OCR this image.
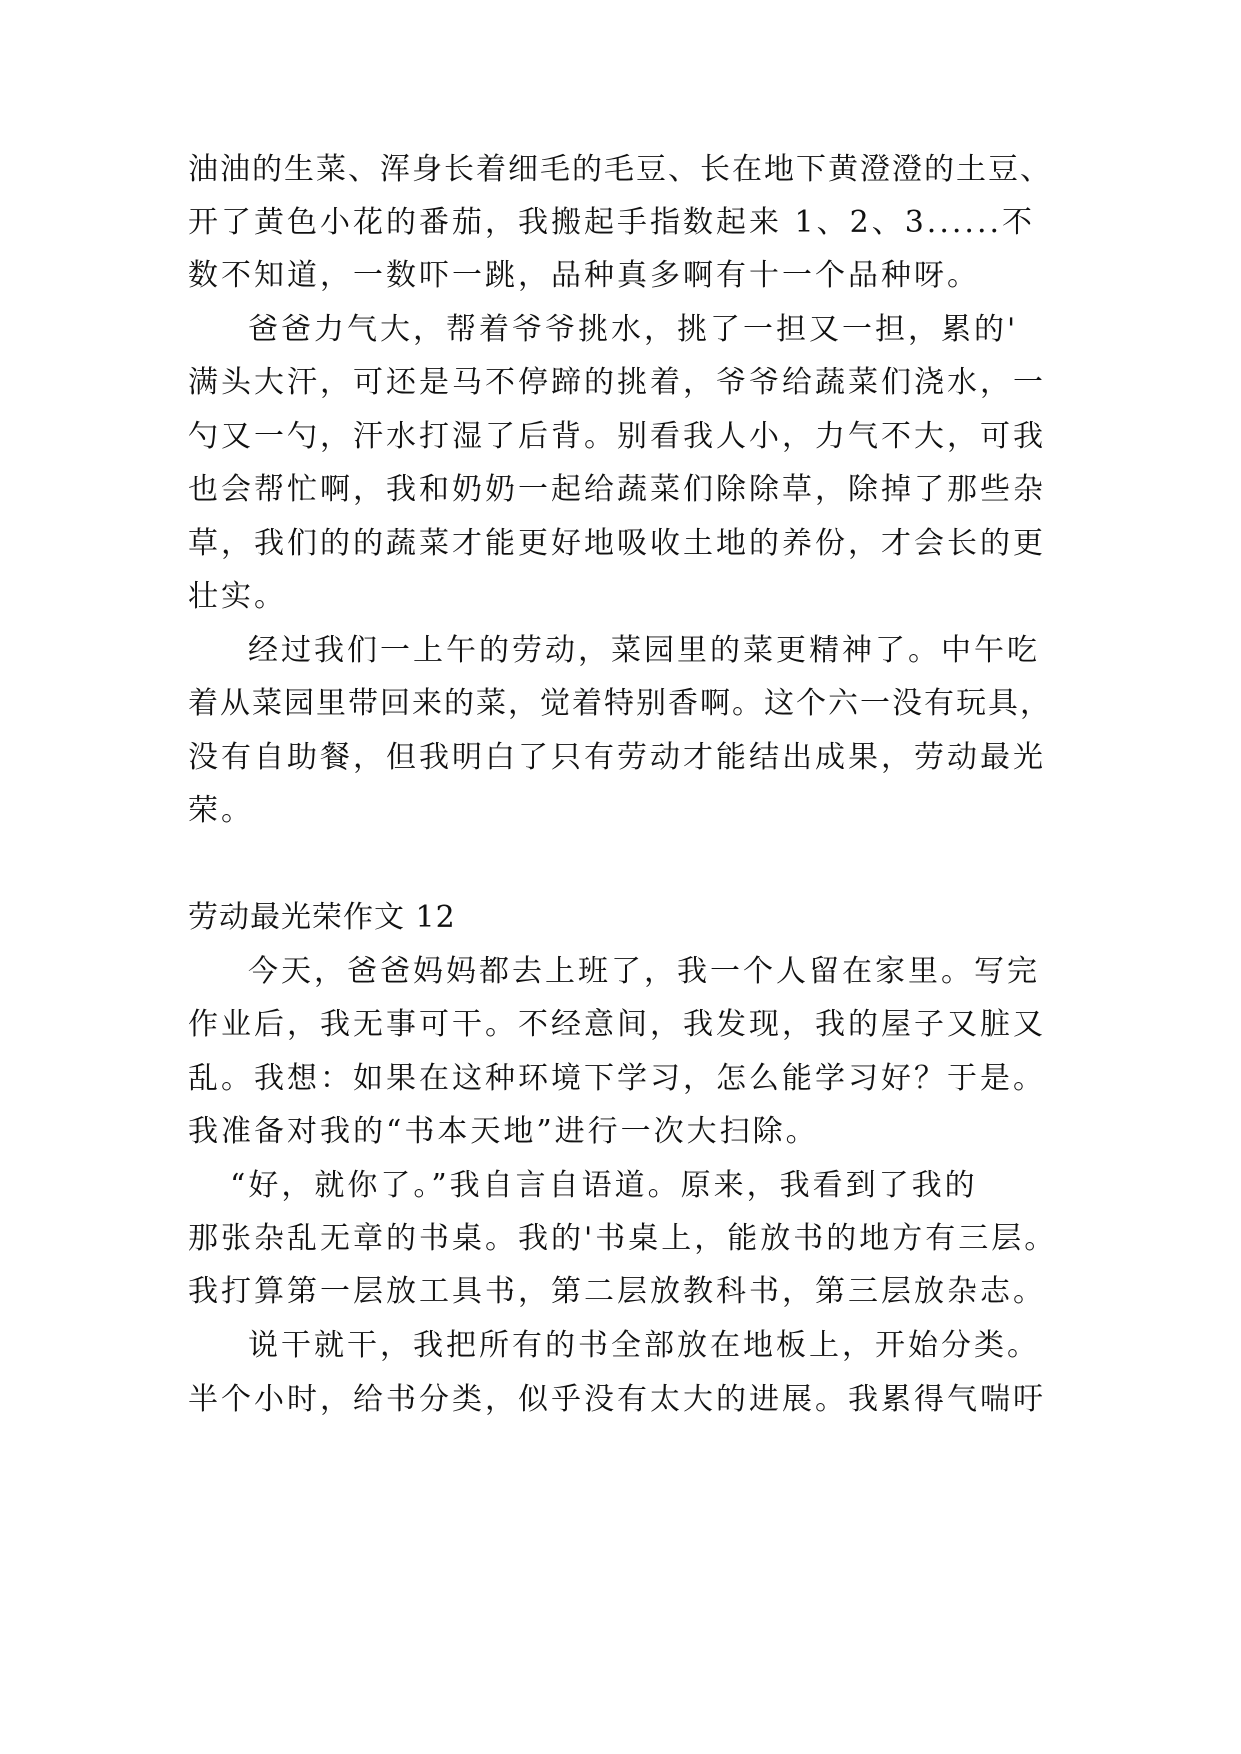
油油的生菜、浑身长着细毛的毛豆、长在地下黄澄澄的土豆、

开了黄色小花的番茄，我搬起手指数起来 1、2、3......不

数不知道，一数吓一跳，品种真多啊有十一个品种呀。

爸爸力气大，帮着爷爷挑水，挑了一担又一担，累的'

满头大汗，可还是马不停蹄的挑着，爷爷给蔬菜们浇水，一

勺又一勺，汗水打湿了后背。别看我人小，力气不大，可我

也会帮忙啊，我和奶奶一起给蔬菜们除除草，除掉了那些杂

草，我们的的蔬菜才能更好地吸收土地的养份，才会长的更

壮实。

经过我们一上午的劳动，菜园里的菜更精神了。中午吃

着从菜园里带回来的菜，觉着特别香啊。这个六一没有玩具，

没有自助餐，但我明白了只有劳动才能结出成果，劳动最光

荣。

劳动最光荣作文 12

今天，爸爸妈妈都去上班了，我一个人留在家里。写完

作业后，我无事可干。不经意间，我发现，我的屋子又脏又

乱。我想：如果在这种环境下学习，怎么能学习好？于是。

我准备对我的“书本天地”进行一次大扫除。

“好，就你了。”我自言自语道。原来，我看到了我的

那张杂乱无章的书桌。我的'书桌上，能放书的地方有三层。

我打算第一层放工具书，第二层放教科书，第三层放杂志。

说干就干，我把所有的书全部放在地板上，开始分类。

半个小时，给书分类，似乎没有太大的进展。我累得气喘吁
